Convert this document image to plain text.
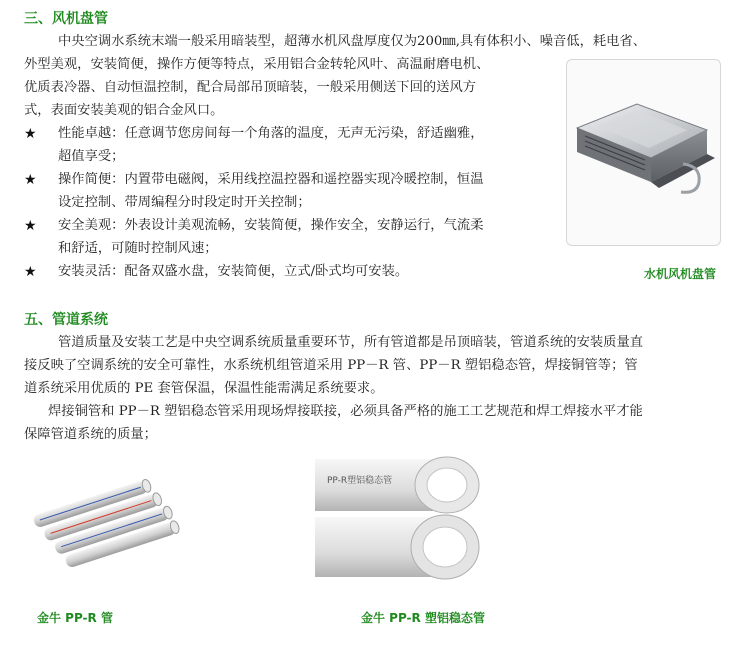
三、风机盘管
中央空调水系统末端一般采用暗装型，超薄水机风盘厚度仅为200㎜,具有体积小、噪音低，耗电省、
外型美观，安装简便，操作方便等特点，采用铝合金转轮风叶、高温耐磨电机、
优质表冷器、自动恒温控制，配合局部吊顶暗装，一般采用侧送下回的送风方
式，表面安装美观的铝合金风口。
★ 性能卓越：任意调节您房间每一个角落的温度，无声无污染，舒适幽雅，
超值享受；
★ 操作简便：内置带电磁阀，采用线控温控器和遥控器实现冷暖控制，恒温
设定控制、带周编程分时段定时开关控制；
★ 安全美观：外表设计美观流畅，安装简便，操作安全，安静运行，气流柔
和舒适，可随时控制风速；
★ 安装灵活：配备双盛水盘，安装简便，立式/卧式均可安装。	水机风机盘管
五、管道系统
管道质量及安装工艺是中央空调系统质量重要环节，所有管道都是吊顶暗装，管道系统的安装质量直
接反映了空调系统的安全可靠性，水系统机组管道采用 PP－R 管、PP－R 塑铝稳态管，焊接铜管等；管
道系统采用优质的 PE 套管保温，保温性能需满足系统要求。
焊接铜管和 PP－R 塑铝稳态管采用现场焊接联接，必须具备严格的施工工艺规范和焊工焊接水平才能
保障管道系统的质量；
金牛 PP-R 管
PP-R塑铝稳态管
金牛 PP-R 塑铝稳态管
